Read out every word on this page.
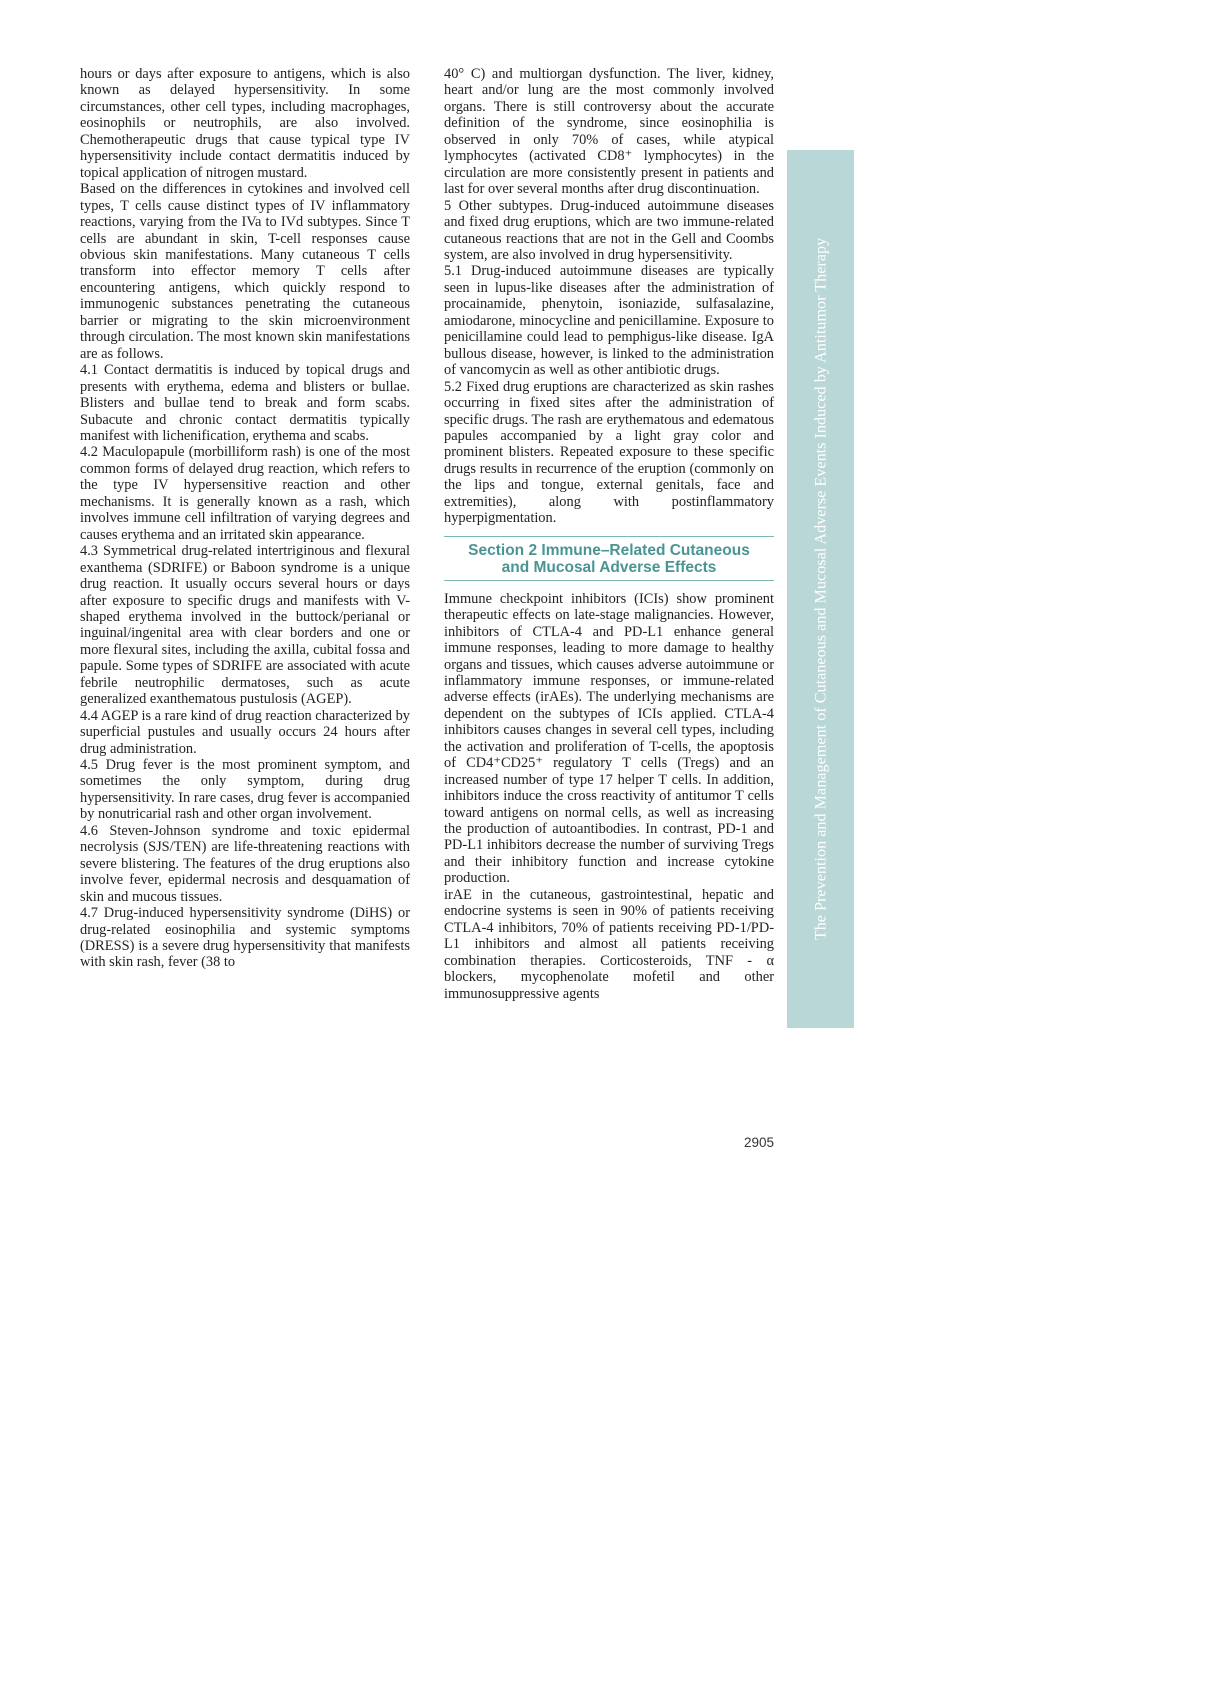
hours or days after exposure to antigens, which is also known as delayed hypersensitivity. In some circumstances, other cell types, including macrophages, eosinophils or neutrophils, are also involved. Chemotherapeutic drugs that cause typical type IV hypersensitivity include contact dermatitis induced by topical application of nitrogen mustard.

Based on the differences in cytokines and involved cell types, T cells cause distinct types of IV inflammatory reactions, varying from the IVa to IVd subtypes. Since T cells are abundant in skin, T-cell responses cause obvious skin manifestations. Many cutaneous T cells transform into effector memory T cells after encountering antigens, which quickly respond to immunogenic substances penetrating the cutaneous barrier or migrating to the skin microenvironment through circulation. The most known skin manifestations are as follows.

4.1 Contact dermatitis is induced by topical drugs and presents with erythema, edema and blisters or bullae. Blisters and bullae tend to break and form scabs. Subacute and chronic contact dermatitis typically manifest with lichenification, erythema and scabs.

4.2 Maculopapule (morbilliform rash) is one of the most common forms of delayed drug reaction, which refers to the type IV hypersensitive reaction and other mechanisms. It is generally known as a rash, which involves immune cell infiltration of varying degrees and causes erythema and an irritated skin appearance.

4.3 Symmetrical drug-related intertriginous and flexural exanthema (SDRIFE) or Baboon syndrome is a unique drug reaction. It usually occurs several hours or days after exposure to specific drugs and manifests with V-shaped erythema involved in the buttock/perianal or inguinal/ingenital area with clear borders and one or more flexural sites, including the axilla, cubital fossa and papule. Some types of SDRIFE are associated with acute febrile neutrophilic dermatoses, such as acute generalized exanthematous pustulosis (AGEP).

4.4 AGEP is a rare kind of drug reaction characterized by superficial pustules and usually occurs 24 hours after drug administration.

4.5 Drug fever is the most prominent symptom, and sometimes the only symptom, during drug hypersensitivity. In rare cases, drug fever is accompanied by nonutricarial rash and other organ involvement.

4.6 Steven-Johnson syndrome and toxic epidermal necrolysis (SJS/TEN) are life-threatening reactions with severe blistering. The features of the drug eruptions also involve fever, epidermal necrosis and desquamation of skin and mucous tissues.

4.7 Drug-induced hypersensitivity syndrome (DiHS) or drug-related eosinophilia and systemic symptoms (DRESS) is a severe drug hypersensitivity that manifests with skin rash, fever (38 to

40° C) and multiorgan dysfunction. The liver, kidney, heart and/or lung are the most commonly involved organs. There is still controversy about the accurate definition of the syndrome, since eosinophilia is observed in only 70% of cases, while atypical lymphocytes (activated CD8⁺ lymphocytes) in the circulation are more consistently present in patients and last for over several months after drug discontinuation.

5 Other subtypes. Drug-induced autoimmune diseases and fixed drug eruptions, which are two immune-related cutaneous reactions that are not in the Gell and Coombs system, are also involved in drug hypersensitivity.

5.1 Drug-induced autoimmune diseases are typically seen in lupus-like diseases after the administration of procainamide, phenytoin, isoniazide, sulfasalazine, amiodarone, minocycline and penicillamine. Exposure to penicillamine could lead to pemphigus-like disease. IgA bullous disease, however, is linked to the administration of vancomycin as well as other antibiotic drugs.

5.2 Fixed drug eruptions are characterized as skin rashes occurring in fixed sites after the administration of specific drugs. The rash are erythematous and edematous papules accompanied by a light gray color and prominent blisters. Repeated exposure to these specific drugs results in recurrence of the eruption (commonly on the lips and tongue, external genitals, face and extremities), along with postinflammatory hyperpigmentation.

Section 2 Immune–Related Cutaneous
and Mucosal Adverse Effects

Immune checkpoint inhibitors (ICIs) show prominent therapeutic effects on late-stage malignancies. However, inhibitors of CTLA-4 and PD-L1 enhance general immune responses, leading to more damage to healthy organs and tissues, which causes adverse autoimmune or inflammatory immune responses, or immune-related adverse effects (irAEs). The underlying mechanisms are dependent on the subtypes of ICIs applied. CTLA-4 inhibitors causes changes in several cell types, including the activation and proliferation of T-cells, the apoptosis of CD4⁺CD25⁺ regulatory T cells (Tregs) and an increased number of type 17 helper T cells. In addition, inhibitors induce the cross reactivity of antitumor T cells toward antigens on normal cells, as well as increasing the production of autoantibodies. In contrast, PD-1 and PD-L1 inhibitors decrease the number of surviving Tregs and their inhibitory function and increase cytokine production.

irAE in the cutaneous, gastrointestinal, hepatic and endocrine systems is seen in 90% of patients receiving CTLA-4 inhibitors, 70% of patients receiving PD-1/PD-L1 inhibitors and almost all patients receiving combination therapies. Corticosteroids, TNF - α blockers, mycophenolate mofetil and other immunosuppressive agents

The Prevention and Management of Cutaneous and Mucosal Adverse Events Induced by Antitumor Therapy
2905
